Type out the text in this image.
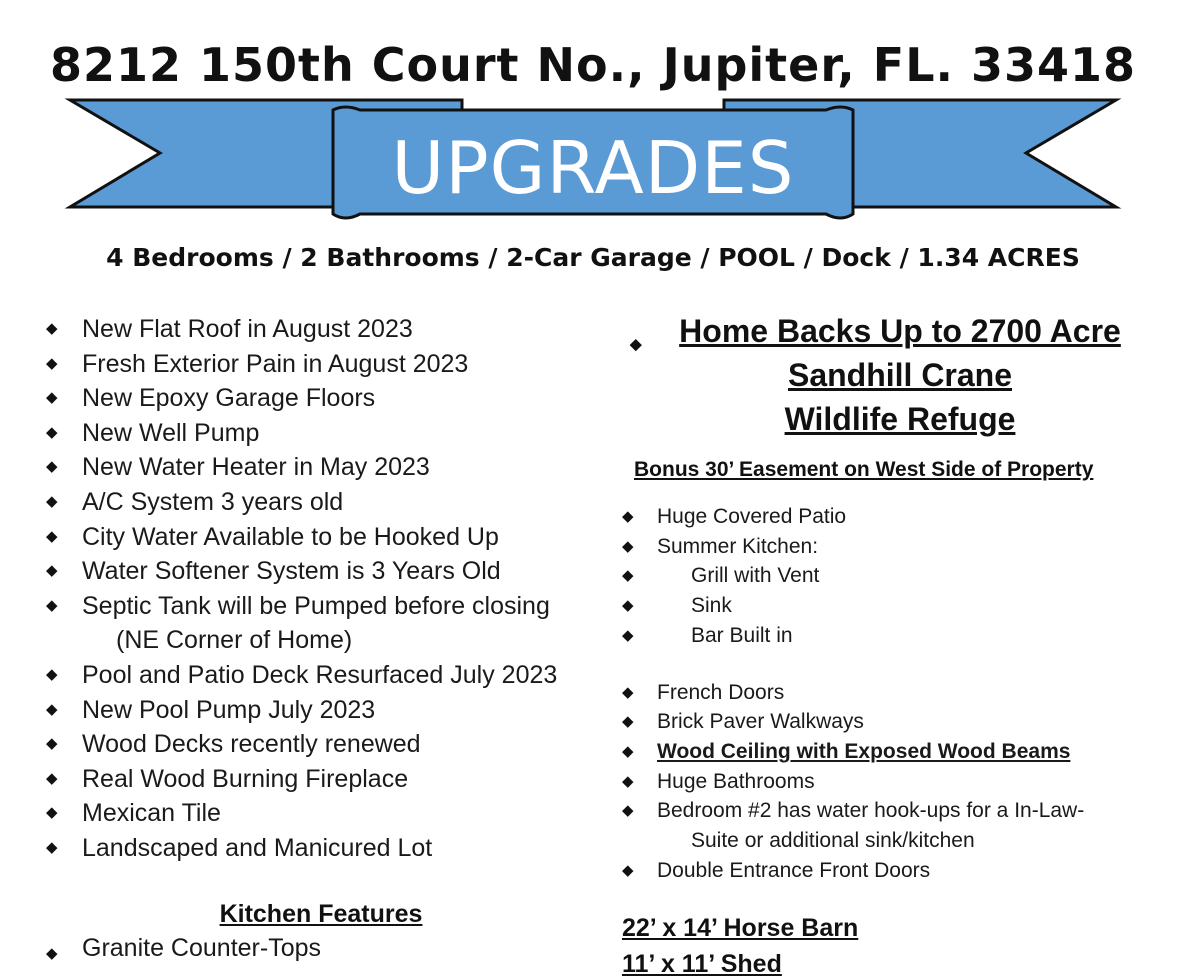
8212 150th Court No., Jupiter, FL. 33418
UPGRADES
4 Bedrooms / 2 Bathrooms / 2-Car Garage / POOL / Dock / 1.34 ACRES
◆ New Flat Roof in August 2023
◆ Fresh Exterior Pain in August 2023
◆ New Epoxy Garage Floors
◆ New Well Pump
◆ New Water Heater in May 2023
◆ A/C System 3 years old
◆ City Water Available to be Hooked Up
◆ Water Softener System is 3 Years Old
◆ Septic Tank will be Pumped before closing
(NE Corner of Home)
◆ Pool and Patio Deck Resurfaced July 2023
◆ New Pool Pump July 2023
◆ Wood Decks recently renewed
◆ Real Wood Burning Fireplace
◆ Mexican Tile
◆ Landscaped and Manicured Lot
Kitchen Features
◆ Granite Counter-Tops
◆ Home Backs Up to 2700 Acre
Sandhill Crane
Wildlife Refuge
Bonus 30’ Easement on West Side of Property
◆ Huge Covered Patio
◆ Summer Kitchen:
◆	Grill with Vent
◆	Sink
◆	Bar Built in
◆ French Doors
◆ Brick Paver Walkways
◆ Wood Ceiling with Exposed Wood Beams
◆ Huge Bathrooms
◆ Bedroom #2 has water hook-ups for a In-Law-
Suite or additional sink/kitchen
◆ Double Entrance Front Doors
22’ x 14’ Horse Barn
11’ x 11’ Shed
